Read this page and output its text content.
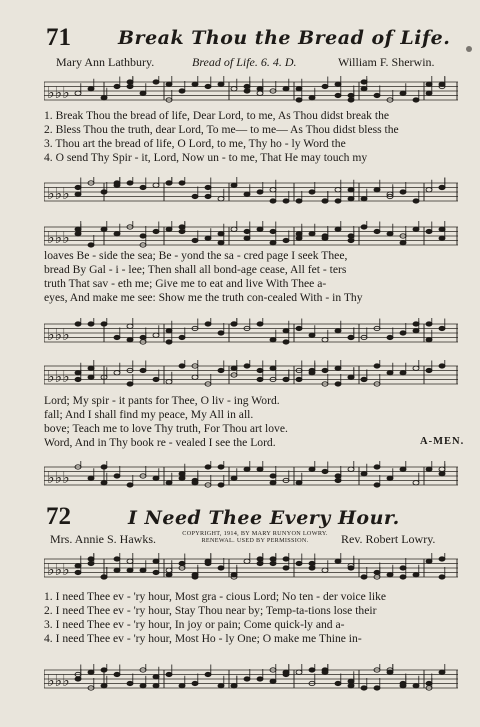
71 Break Thou the Bread of Life.
Mary Ann Lathbury.	Bread of Life. 6. 4. D.	William F. Sherwin.
♭♭♭
1. Break Thou the bread of life, Dear Lord, to me, As Thou didst break the
2. Bless Thou the truth, dear Lord, To me— to me— As Thou didst bless the
3. Thou art the bread of life, O Lord, to me, Thy ho - ly Word the
4. O send Thy Spir - it, Lord, Now un - to me, That He may touch my
♭♭♭
♭♭♭
loaves Be - side the sea; Be - yond the sa - cred page I seek Thee,
bread By Gal - i - lee; Then shall all bond-age cease, All fet - ters
truth That sav - eth me; Give me to eat and live With Thee a-
eyes, And make me see: Show me the truth con-cealed With - in Thy
♭♭♭
♭♭♭
Lord; My spir - it pants for Thee, O liv - ing Word.
fall; And I shall find my peace, My All in all.
bove; Teach me to love Thy truth, For Thou art love.
Word, And in Thy book re - vealed I see the Lord.	A-MEN.
♭♭♭
72	I Need Thee Every Hour.
Mrs. Annie S. Hawks.	COPYRIGHT, 1914, BY MARY RUNYON LOWRY.
RENEWAL. USED BY PERMISSION.	Rev. Robert Lowry.
♭♭♭
1. I need Thee ev - 'ry hour, Most gra - cious Lord; No ten - der voice like
2. I need Thee ev - 'ry hour, Stay Thou near by; Temp-ta-tions lose their
3. I need Thee ev - 'ry hour, In joy or pain; Come quick-ly and a-
4. I need Thee ev - 'ry hour, Most Ho - ly One; O make me Thine in-
♭♭♭
